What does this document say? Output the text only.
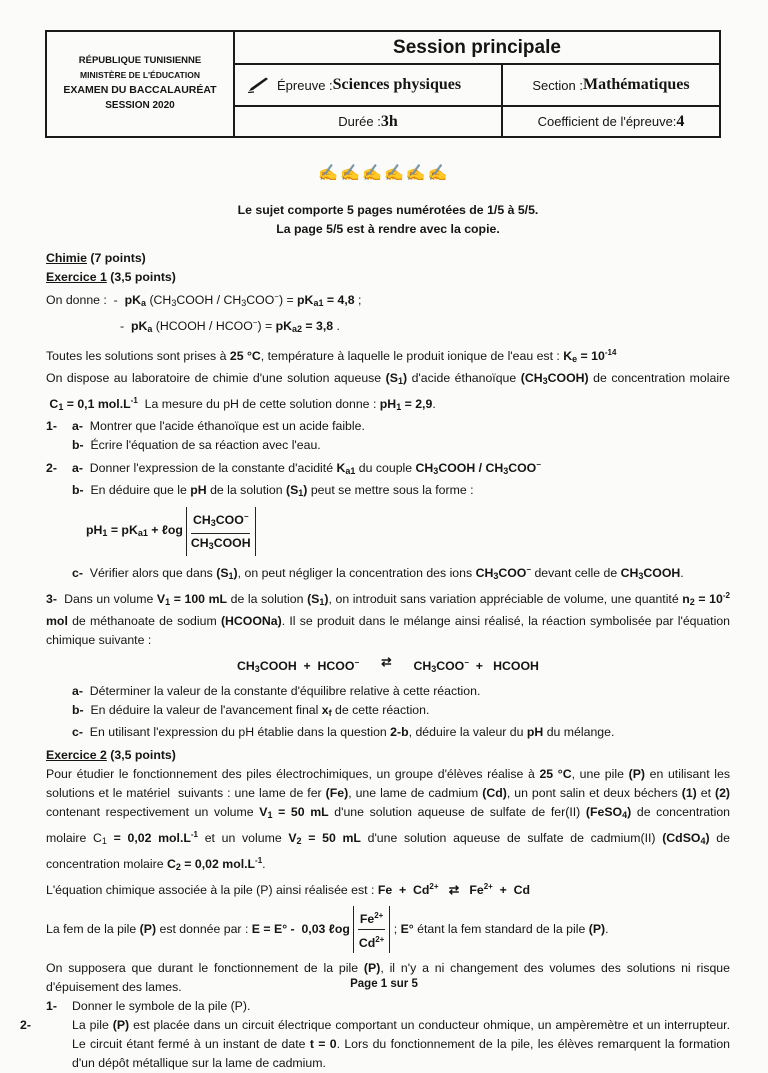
RÉPUBLIQUE TUNISIENNE
MINISTÈRE DE L'ÉDUCATION
EXAMEN DU BACCALAURÉAT
SESSION 2020
Session principale
Épreuve : Sciences physiques	Section : Mathématiques
Durée : 3h	Coefficient de l'épreuve: 4
✍✍✍✍✍✍

Le sujet comporte 5 pages numérotées de 1/5 à 5/5.

La page 5/5 est à rendre avec la copie.

Chimie (7 points)

Exercice 1 (3,5 points)

On donne :  -  $pK_a$ $(CH_3COOH / CH_3COO^-) = pK_{a1} = 4,8$ ;

-  $pK_a$ (HCOOH / HCOO−) = $pK_{a2} = 3,8$ .

Toutes les solutions sont prises à 25 °C, température à laquelle le produit ionique de l'eau est : $K_e = 10^{-14}$
On dispose au laboratoire de chimie d'une solution aqueuse $(S_1)$ d'acide éthanoïque $(CH_3COOH)$ de concentration molaire  $C_1 = 0,1$ $mol.L^{-1}$  La mesure du pH de cette solution donne : $pH_1 = 2,9$.

1- a-  Montrer que l'acide éthanoïque est un acide faible.

b-  Écrire l'équation de sa réaction avec l'eau.

2- a-  Donner l'expression de la constante d'acidité $K_{a1}$ du couple $CH_3COOH / CH_3COO^-$

b-  En déduire que le pH de la solution $(S_1)$ peut se mettre sous la forme :

$pH_1 = pK_{a1}$ + ℓog $\frac{CH_3COO^-}{CH_3COOH}$

c-  Vérifier alors que dans $(S_1)$, on peut négliger la concentration des ions $CH_3COO^-$ devant celle de $CH_3COOH$.

3-  Dans un volume $V_1 = 100$ mL de la solution $(S_1)$, on introduit sans variation appréciable de volume, une quantité $n_2 = 10^{-2}$ mol de méthanoate de sodium (HCOONa). Il se produit dans le mélange ainsi réalisé, la réaction symbolisée par l'équation chimique suivante :

$CH_3COOH$  +  HCOO− ⇄ $CH_3COO^-$  +   HCOOH

a-  Déterminer la valeur de la constante d'équilibre relative à cette réaction.

b-  En déduire la valeur de l'avancement final $x_f$ de cette réaction.

c-  En utilisant l'expression du pH établie dans la question 2-b, déduire la valeur du pH du mélange.

Exercice 2 (3,5 points)

Pour étudier le fonctionnement des piles électrochimiques, un groupe d'élèves réalise à 25 °C, une pile (P) en utilisant les solutions et le matériel  suivants : une lame de fer (Fe), une lame de cadmium (Cd), un pont salin et deux béchers (1) et (2) contenant respectivement un volume $V_1 = 50$ mL d'une solution aqueuse de sulfate de fer(II) (FeSO$_4$) de concentration molaire $C_1 = 0,02$ $mol.L^{-1}$ et un volume $V_2 = 50$ mL d'une solution aqueuse de sulfate de cadmium(II) (CdSO$_4$) de concentration molaire $C_2 = 0,02$ $mol.L^{-1}$.
L'équation chimique associée à la pile (P) ainsi réalisée est : $Fe + Cd^{2+}$   ⇄   $Fe^{2+} + Cd$

La fem de la pile (P) est donnée par : E = E° -  0,03 ℓog $\frac{Fe^{2+}}{Cd^{2+}}$ ; E° étant la fem standard de la pile (P).

On supposera que durant le fonctionnement de la pile (P), il n'y a ni changement des volumes des solutions ni risque d'épuisement des lames.

1- Donner le symbole de la pile (P).

2-	La pile (P) est placée dans un circuit électrique comportant un conducteur ohmique, un ampèremètre et un interrupteur. Le circuit étant fermé à un instant de date t = 0. Lors du fonctionnement de la pile, les élèves remarquent la formation d'un dépôt métallique sur la lame de cadmium.

Page 1 sur 5
